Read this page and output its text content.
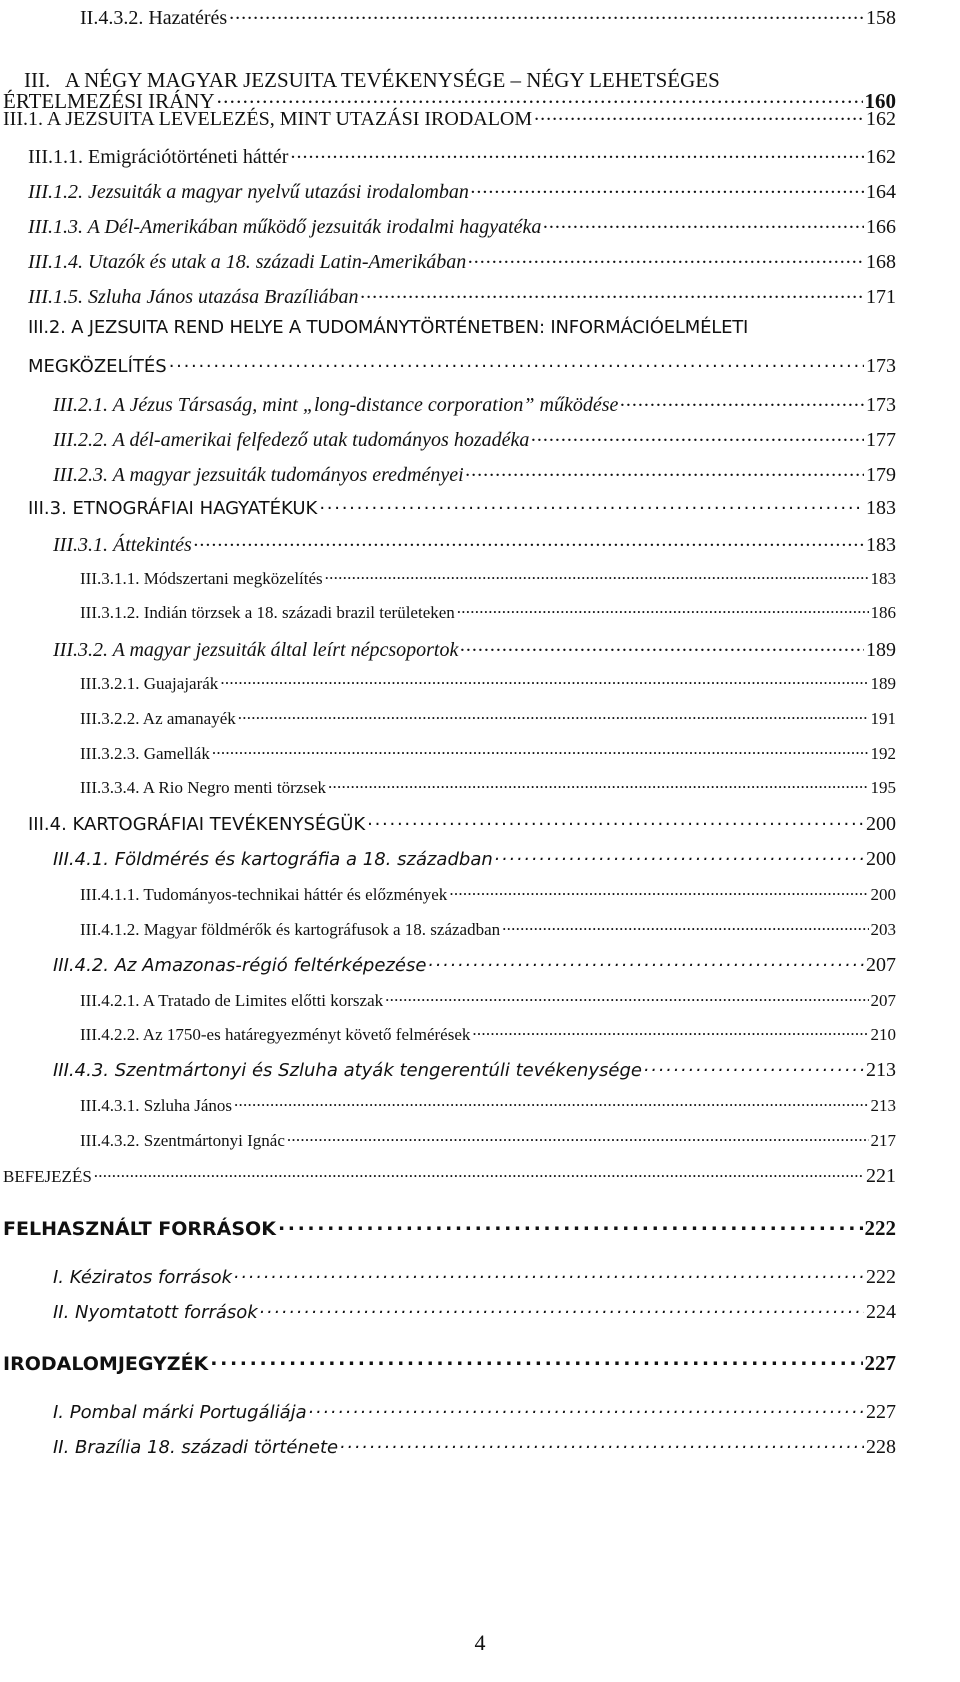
II.4.3.2. Hazatérés . . .	158

III.   A NÉGY MAGYAR JEZSUITA TEVÉKENYSÉGE – NÉGY LEHETSÉGES

ÉRTELMEZÉSI IRÁNY . . .	160
III.1. A JEZSUITA LEVELEZÉS, MINT UTAZÁSI IRODALOM . . .	162
III.1.1. Emigrációtörténeti háttér . . .	162
III.1.2. Jezsuiták a magyar nyelvű utazási irodalomban . . .	164
III.1.3. A Dél-Amerikában működő jezsuiták irodalmi hagyatéka . . .	166
III.1.4. Utazók és utak a 18. századi Latin-Amerikában . . .	168
III.1.5. Szluha János utazása Brazíliában . . .	171
III.2. A JEZSUITA REND HELYE A TUDOMÁNYTÖRTÉNETBEN: INFORMÁCIÓELMÉLETI
MEGKÖZELÍTÉS . . .	173
III.2.1. A Jézus Társaság, mint „long-distance corporation” működése . . .	173
III.2.2. A dél-amerikai felfedező utak tudományos hozadéka . . .	177
III.2.3. A magyar jezsuiták tudományos eredményei . . .	179
III.3. ETNOGRÁFIAI HAGYATÉKUK . . .	183
III.3.1. Áttekintés . . .	183
III.3.1.1. Módszertani megközelítés . . .	183
III.3.1.2. Indián törzsek a 18. századi brazil területeken . . .	186
III.3.2. A magyar jezsuiták által leírt népcsoportok . . .	189
III.3.2.1. Guajajarák . . .	189
III.3.2.2. Az amanayék . . .	191
III.3.2.3. Gamellák . . .	192
III.3.3.4. A Rio Negro menti törzsek . . .	195
III.4. KARTOGRÁFIAI TEVÉKENYSÉGÜK . . .	200
III.4.1. Földmérés és kartográfia a 18. században . . .	200
III.4.1.1. Tudományos-technikai háttér és előzmények . . .	200
III.4.1.2. Magyar földmérők és kartográfusok a 18. században . . .	203
III.4.2. Az Amazonas-régió feltérképezése . . .	207
III.4.2.1. A Tratado de Limites előtti korszak . . .	207
III.4.2.2. Az 1750-es határegyezményt követő felmérések . . .	210
III.4.3. Szentmártonyi és Szluha atyák tengerentúli tevékenysége . . .	213
III.4.3.1. Szluha János . . .	213
III.4.3.2. Szentmártonyi Ignác . . .	217
BEFEJEZÉS . . .	221
FELHASZNÁLT FORRÁSOK . . .	222
I. Kéziratos források . . .	222
II. Nyomtatott források . . .	224
IRODALOMJEGYZÉK . . .	227
I. Pombal márki Portugáliája . . .	227
II. Brazília 18. századi története . . .	228
4
